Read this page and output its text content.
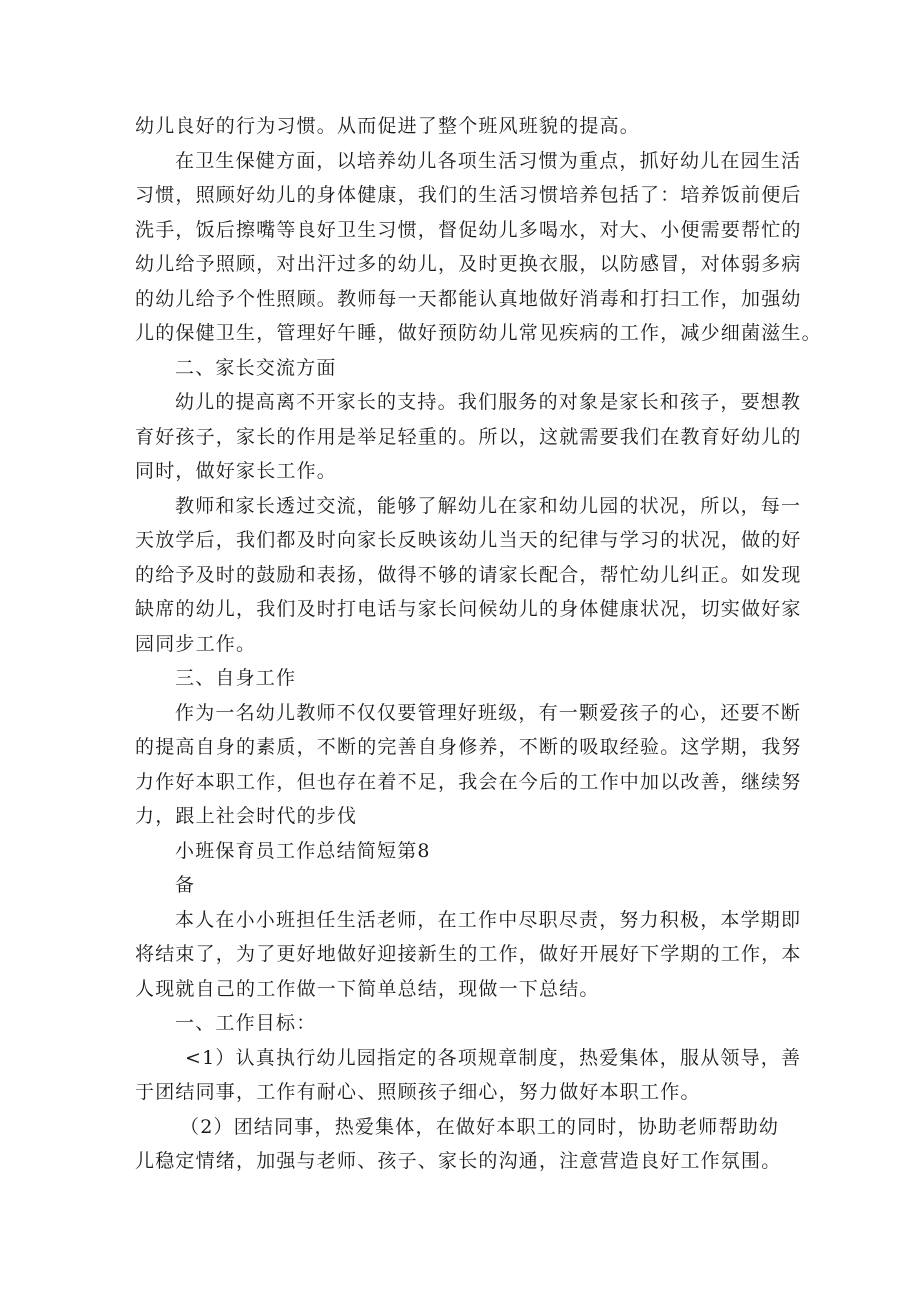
幼儿良好的行为习惯。从而促进了整个班风班貌的提高。
在卫生保健方面，以培养幼儿各项生活习惯为重点，抓好幼儿在园生活
习惯，照顾好幼儿的身体健康，我们的生活习惯培养包括了：培养饭前便后
洗手，饭后擦嘴等良好卫生习惯，督促幼儿多喝水，对大、小便需要帮忙的
幼儿给予照顾，对出汗过多的幼儿，及时更换衣服，以防感冒，对体弱多病
的幼儿给予个性照顾。教师每一天都能认真地做好消毒和打扫工作，加强幼
儿的保健卫生，管理好午睡，做好预防幼儿常见疾病的工作，减少细菌滋生。
二、家长交流方面
幼儿的提高离不开家长的支持。我们服务的对象是家长和孩子，要想教
育好孩子，家长的作用是举足轻重的。所以，这就需要我们在教育好幼儿的
同时，做好家长工作。
教师和家长透过交流，能够了解幼儿在家和幼儿园的状况，所以，每一
天放学后，我们都及时向家长反映该幼儿当天的纪律与学习的状况，做的好
的给予及时的鼓励和表扬，做得不够的请家长配合，帮忙幼儿纠正。如发现
缺席的幼儿，我们及时打电话与家长问候幼儿的身体健康状况，切实做好家
园同步工作。
三、自身工作
作为一名幼儿教师不仅仅要管理好班级，有一颗爱孩子的心，还要不断
的提高自身的素质，不断的完善自身修养，不断的吸取经验。这学期，我努
力作好本职工作，但也存在着不足，我会在今后的工作中加以改善，继续努
力，跟上社会时代的步伐
小班保育员工作总结简短第8
备
本人在小小班担任生活老师，在工作中尽职尽责，努力积极，本学期即
将结束了，为了更好地做好迎接新生的工作，做好开展好下学期的工作，本
人现就自己的工作做一下简单总结，现做一下总结。
一、工作目标：
<1）认真执行幼儿园指定的各项规章制度，热爱集体，服从领导，善
于团结同事，工作有耐心、照顾孩子细心，努力做好本职工作。
（2）团结同事，热爱集体，在做好本职工的同时，协助老师帮助幼
儿稳定情绪，加强与老师、孩子、家长的沟通，注意营造良好工作氛围。
